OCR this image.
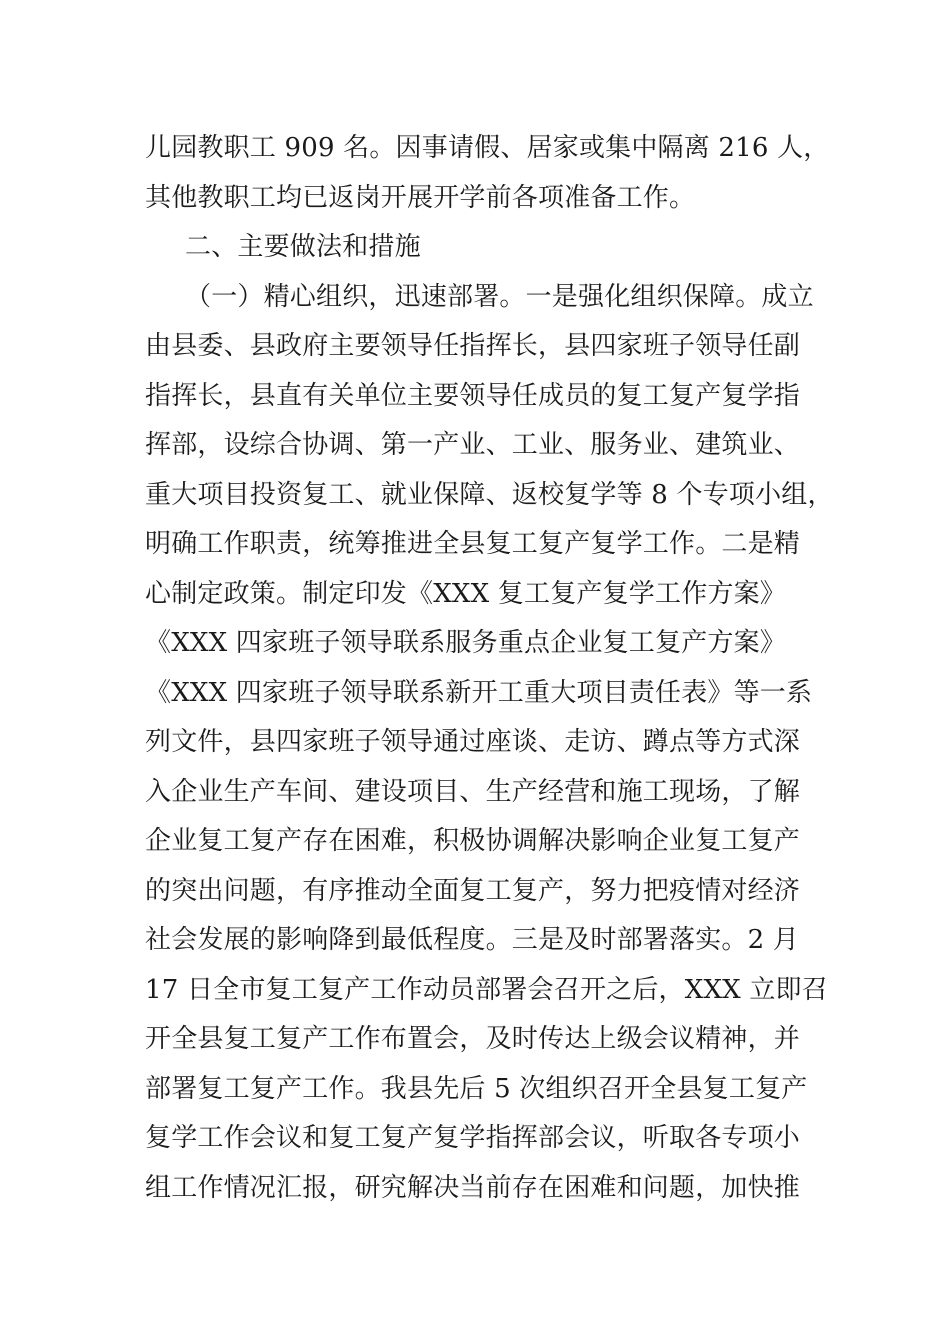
儿园教职工 909 名。因事请假、居家或集中隔离 216 人，
其他教职工均已返岗开展开学前各项准备工作。
二、主要做法和措施
（一）精心组织，迅速部署。一是强化组织保障。成立
由县委、县政府主要领导任指挥长，县四家班子领导任副
指挥长，县直有关单位主要领导任成员的复工复产复学指
挥部，设综合协调、第一产业、工业、服务业、建筑业、
重大项目投资复工、就业保障、返校复学等 8 个专项小组，
明确工作职责，统筹推进全县复工复产复学工作。二是精
心制定政策。制定印发《XXX 复工复产复学工作方案》
《XXX 四家班子领导联系服务重点企业复工复产方案》
《XXX 四家班子领导联系新开工重大项目责任表》等一系
列文件，县四家班子领导通过座谈、走访、蹲点等方式深
入企业生产车间、建设项目、生产经营和施工现场，了解
企业复工复产存在困难，积极协调解决影响企业复工复产
的突出问题，有序推动全面复工复产，努力把疫情对经济
社会发展的影响降到最低程度。三是及时部署落实。2 月
17 日全市复工复产工作动员部署会召开之后，XXX 立即召
开全县复工复产工作布置会，及时传达上级会议精神，并
部署复工复产工作。我县先后 5 次组织召开全县复工复产
复学工作会议和复工复产复学指挥部会议，听取各专项小
组工作情况汇报，研究解决当前存在困难和问题，加快推
